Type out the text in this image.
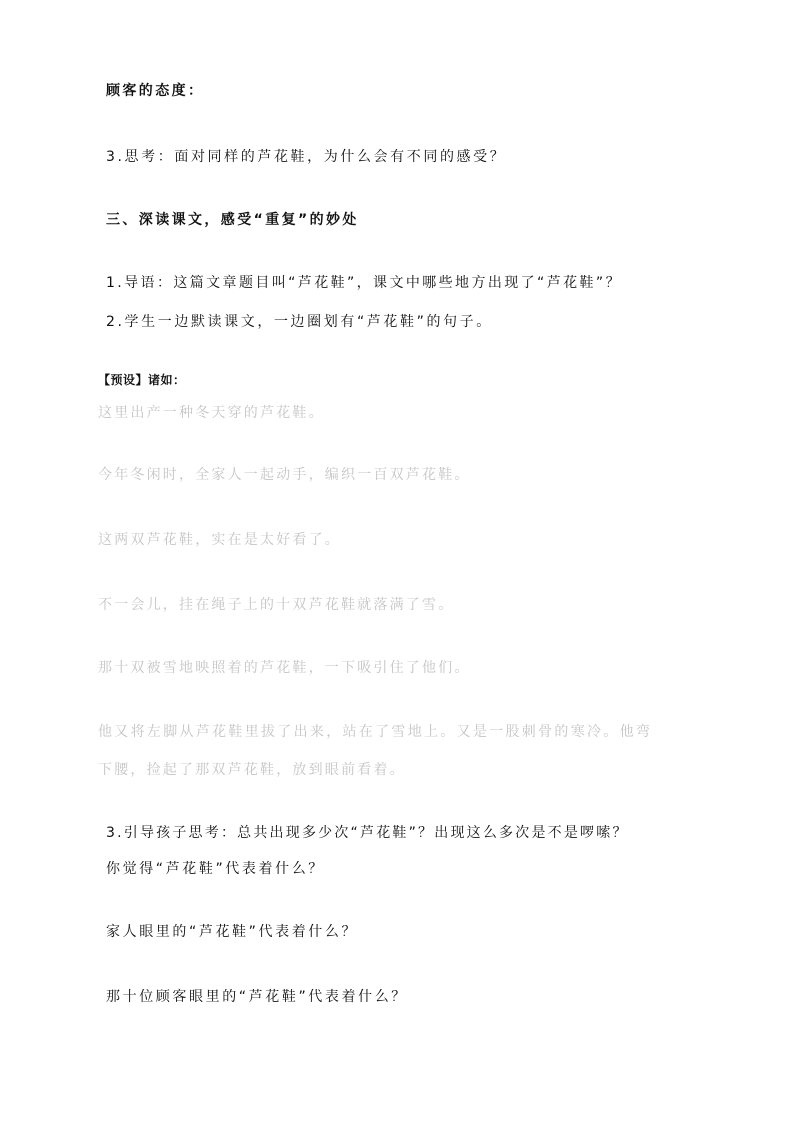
顾客的态度：
3.思考：面对同样的芦花鞋，为什么会有不同的感受？
三、深读课文，感受“重复”的妙处
1.导语：这篇文章题目叫“芦花鞋”，课文中哪些地方出现了“芦花鞋”？
2.学生一边默读课文，一边圈划有“芦花鞋”的句子。
【预设】诸如：
这里出产一种冬天穿的芦花鞋。
今年冬闲时，全家人一起动手，编织一百双芦花鞋。
这两双芦花鞋，实在是太好看了。
不一会儿，挂在绳子上的十双芦花鞋就落满了雪。
那十双被雪地映照着的芦花鞋，一下吸引住了他们。
他又将左脚从芦花鞋里拔了出来，站在了雪地上。又是一股刺骨的寒冷。他弯
下腰，捡起了那双芦花鞋，放到眼前看着。
3.引导孩子思考：总共出现多少次“芦花鞋”？出现这么多次是不是啰嗦？
你觉得“芦花鞋”代表着什么？
家人眼里的“芦花鞋”代表着什么？
那十位顾客眼里的“芦花鞋”代表着什么？
